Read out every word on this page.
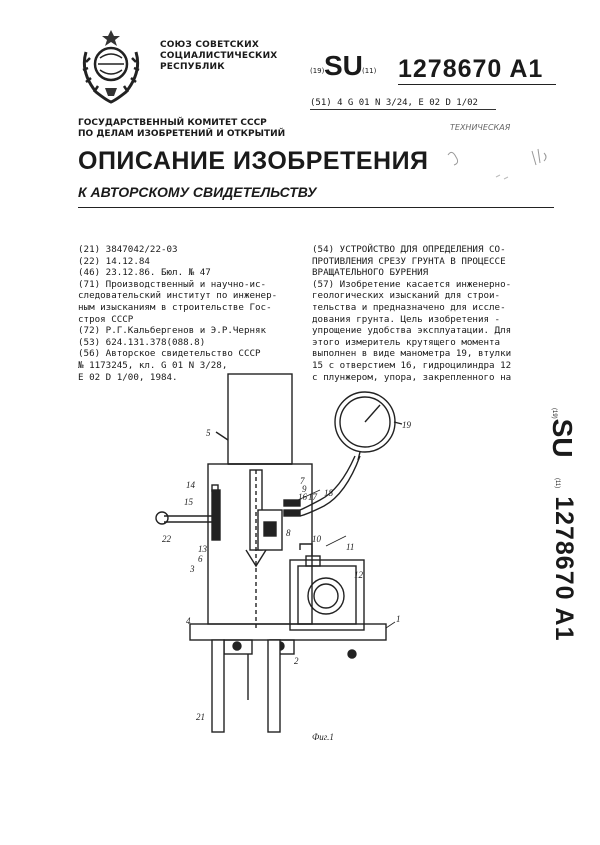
СОЮЗ СОВЕТСКИХ
СОЦИАЛИСТИЧЕСКИХ
РЕСПУБЛИК	(19) SU (11) 1278670 A1
(51) 4 G 01 N 3/24, E 02 D 1/02
ГОСУДАРСТВЕННЫЙ КОМИТЕТ СССР
ПО ДЕЛАМ ИЗОБРЕТЕНИЙ И ОТКРЫТИЙ
ТЕХНИЧЕСКАЯ
ОПИСАНИЕ ИЗОБРЕТЕНИЯ
К АВТОРСКОМУ СВИДЕТЕЛЬСТВУ
(21) 3847042/22-03
(22) 14.12.84
(46) 23.12.86. Бюл. № 47
(71) Производственный и научно-ис-
следовательский институт по инженер-
ным изысканиям в строительстве Гос-
строя СССР
(72) Р.Г.Кальбергенов и Э.Р.Черняк
(53) 624.131.378(088.8)
(56) Авторское свидетельство СССР
№ 1173245, кл. G 01 N 3/28,
E 02 D 1/00, 1984.
(54) УСТРОЙСТВО ДЛЯ ОПРЕДЕЛЕНИЯ СО-
ПРОТИВЛЕНИЯ СРЕЗУ ГРУНТА В ПРОЦЕССЕ
ВРАЩАТЕЛЬНОГО БУРЕНИЯ
(57) Изобретение касается инженерно-
геологических изысканий для строи-
тельства и предназначено для иссле-
дования грунта. Цель изобретения -
упрощение удобства эксплуатации. Для
этого измеритель крутящего момента
выполнен в виде манометра 19, втулки
15 с отверстием 16, гидроцилиндра 12
с плунжером, упора, закрепленного на
5
14
15
22
13
6
3
4
21
7
9
16 17 18
8
10
11
12
19
1
2
Фиг.1
(19)SU
(11) 1278670 A1
